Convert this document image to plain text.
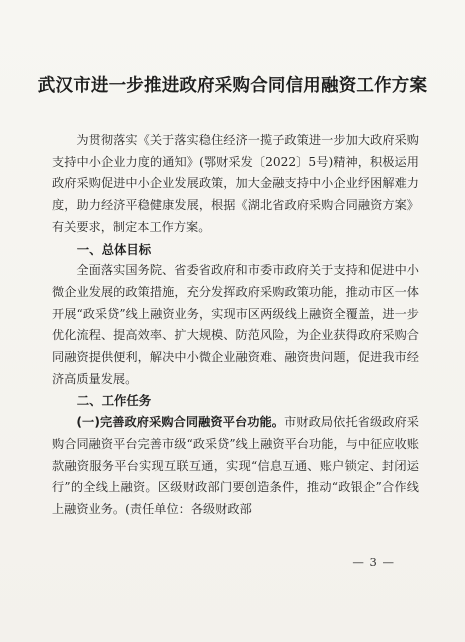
武汉市进一步推进政府采购合同信用融资工作方案

为贯彻落实《关于落实稳住经济一揽子政策进一步加大政府采购支持中小企业力度的通知》(鄂财采发〔2022〕5号)精神，积极运用政府采购促进中小企业发展政策，加大金融支持中小企业纾困解难力度，助力经济平稳健康发展，根据《湖北省政府采购合同融资方案》有关要求，制定本工作方案。

一、总体目标

全面落实国务院、省委省政府和市委市政府关于支持和促进中小微企业发展的政策措施，充分发挥政府采购政策功能，推动市区一体开展“政采贷”线上融资业务，实现市区两级线上融资全覆盖，进一步优化流程、提高效率、扩大规模、防范风险，为企业获得政府采购合同融资提供便利，解决中小微企业融资难、融资贵问题，促进我市经济高质量发展。

二、工作任务

(一)完善政府采购合同融资平台功能。市财政局依托省级政府采购合同融资平台完善市级“政采贷”线上融资平台功能，与中征应收账款融资服务平台实现互联互通，实现“信息互通、账户锁定、封闭运行”的全线上融资。区级财政部门要创造条件，推动“政银企”合作线上融资业务。(责任单位：各级财政部

— 3 —
